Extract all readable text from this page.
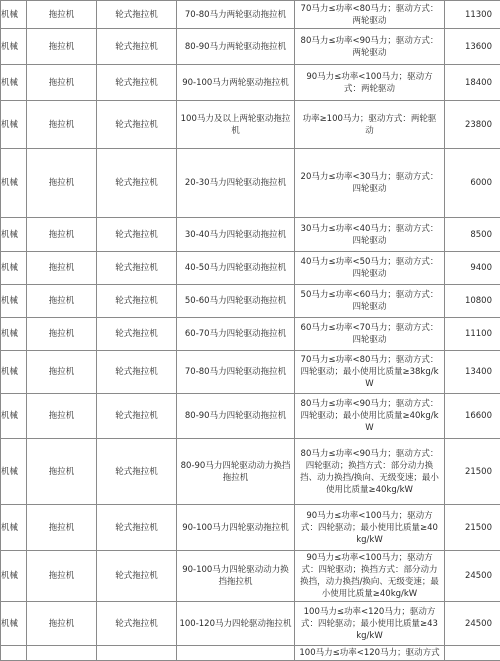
机械	拖拉机	轮式拖拉机	70-80马力两轮驱动拖拉机	70马力≤功率<80马力；驱动方式：两轮驱动	11300
机械	拖拉机	轮式拖拉机	80-90马力两轮驱动拖拉机	80马力≤功率<90马力；驱动方式：两轮驱动	13600
机械	拖拉机	轮式拖拉机	90-100马力两轮驱动拖拉机	90马力≤功率<100马力；驱动方式：两轮驱动	18400
机械	拖拉机	轮式拖拉机	100马力及以上两轮驱动拖拉机	功率≥100马力；驱动方式：两轮驱动	23800
机械	拖拉机	轮式拖拉机	20-30马力四轮驱动拖拉机	20马力≤功率<30马力；驱动方式：四轮驱动	6000
机械	拖拉机	轮式拖拉机	30-40马力四轮驱动拖拉机	30马力≤功率<40马力；驱动方式：四轮驱动	8500
机械	拖拉机	轮式拖拉机	40-50马力四轮驱动拖拉机	40马力≤功率<50马力；驱动方式：四轮驱动	9400
机械	拖拉机	轮式拖拉机	50-60马力四轮驱动拖拉机	50马力≤功率<60马力；驱动方式：四轮驱动	10800
机械	拖拉机	轮式拖拉机	60-70马力四轮驱动拖拉机	60马力≤功率<70马力；驱动方式：四轮驱动	11100
机械	拖拉机	轮式拖拉机	70-80马力四轮驱动拖拉机	70马力≤功率<80马力；驱动方式：四轮驱动；最小使用比质量≥38kg/kW	13400
机械	拖拉机	轮式拖拉机	80-90马力四轮驱动拖拉机	80马力≤功率<90马力；驱动方式：四轮驱动；最小使用比质量≥40kg/kW	16600
机械	拖拉机	轮式拖拉机	80-90马力四轮驱动动力换挡拖拉机	80马力≤功率<90马力；驱动方式：四轮驱动；换挡方式：部分动力换挡、动力换挡/换向、无级变速；最小使用比质量≥40kg/kW	21500
机械	拖拉机	轮式拖拉机	90-100马力四轮驱动拖拉机	90马力≤功率<100马力；驱动方式：四轮驱动；最小使用比质量≥40kg/kW	21500
机械	拖拉机	轮式拖拉机	90-100马力四轮驱动动力换挡拖拉机	90马力≤功率<100马力；驱动方式：四轮驱动；换挡方式：部分动力换挡，动力换挡/换向、无级变速；最小使用比质量≥40kg/kW	24500
机械	拖拉机	轮式拖拉机	100-120马力四轮驱动拖拉机	100马力≤功率<120马力；驱动方式：四轮驱动；最小使用比质量≥43kg/kW	24500
				100马力≤功率<120马力；驱动方式	
